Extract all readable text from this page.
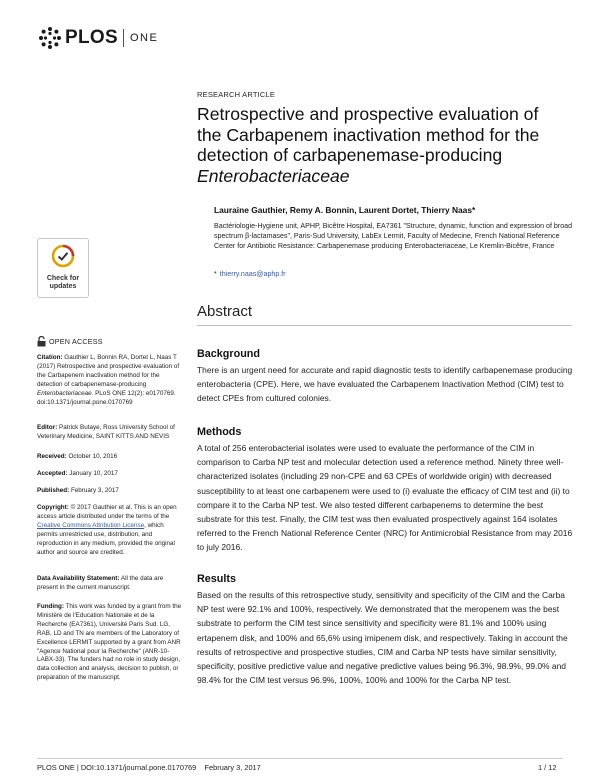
PLOS ONE
RESEARCH ARTICLE
Retrospective and prospective evaluation of the Carbapenem inactivation method for the detection of carbapenemase-producing
Enterobacteriaceae
Lauraine Gauthier, Remy A. Bonnin, Laurent Dortet, Thierry Naas*
Bactériologie-Hygiene unit, APHP, Bicêtre Hospital, EA7361 "Structure, dynamic, function and expression of broad spectrum β-lactamases", Paris-Sud University, LabEx Lermit, Faculty of Medecine, French National Reference Center for Antibiotic Resistance: Carbapenemase producing Enterobacteriaceae, Le Kremlin-Bicêtre, France
* thierry.naas@aphp.fr
Check for
updates
OPEN ACCESS
Citation: Gauthier L, Bonnin RA, Dortet L, Naas T (2017) Retrospective and prospective evaluation of the Carbapenem inactivation method for the detection of carbapenemase-producing Enterobacteriaceae. PLoS ONE 12(2): e0170769. doi:10.1371/journal.pone.0170769
Editor: Patrick Butaye, Ross University School of Veterinary Medicine, SAINT KITTS AND NEVIS
Received: October 10, 2016
Accepted: January 10, 2017
Published: February 3, 2017
Copyright: © 2017 Gauthier et al. This is an open access article distributed under the terms of the Creative Commons Attribution License, which permits unrestricted use, distribution, and reproduction in any medium, provided the original author and source are credited.
Data Availability Statement: All the data are present in the current manuscript.
Funding: This work was funded by a grant from the Ministère de l'Education Nationale et de la Recherche (EA7361), Université Paris Sud. LG, RAB, LD and TN are members of the Laboratory of Excellence LERMIT supported by a grant from ANR "Agence National pour la Recherche" (ANR-10-LABX-33). The funders had no role in study design, data collection and analysis, decision to publish, or preparation of the manuscript.
Abstract
Background
There is an urgent need for accurate and rapid diagnostic tests to identify carbapenemase producing enterobacteria (CPE). Here, we have evaluated the Carbapenem Inactivation Method (CIM) test to detect CPEs from cultured colonies.
Methods
A total of 256 enterobacterial isolates were used to evaluate the performance of the CIM in comparison to Carba NP test and molecular detection used a reference method. Ninety three well-characterized isolates (including 29 non-CPE and 63 CPEs of worldwide origin) with decreased susceptibility to at least one carbapenem were used to (i) evaluate the efficacy of CIM test and (ii) to compare it to the Carba NP test. We also tested different carbapenems to determine the best substrate for this test. Finally, the CIM test was then evaluated prospectively against 164 isolates referred to the French National Reference Center (NRC) for Antimicrobial Resistance from may 2016 to july 2016.
Results
Based on the results of this retrospective study, sensitivity and specificity of the CIM and the Carba NP test were 92.1% and 100%, respectively. We demonstrated that the meropenem was the best substrate to perform the CIM test since sensitivity and specificity were 81.1% and 100% using ertapenem disk, and 100% and 65,6% using imipenem disk, and respectively. Taking in account the results of retrospective and prospective studies, CIM and Carba NP tests have similar sensitivity, specificity, positive predictive value and negative predictive values being 96.3%, 98.9%, 99.0% and 98.4% for the CIM test versus 96.9%, 100%, 100% and 100% for the Carba NP test.
PLOS ONE | DOI:10.1371/journal.pone.0170769    February 3, 2017	1 / 12
